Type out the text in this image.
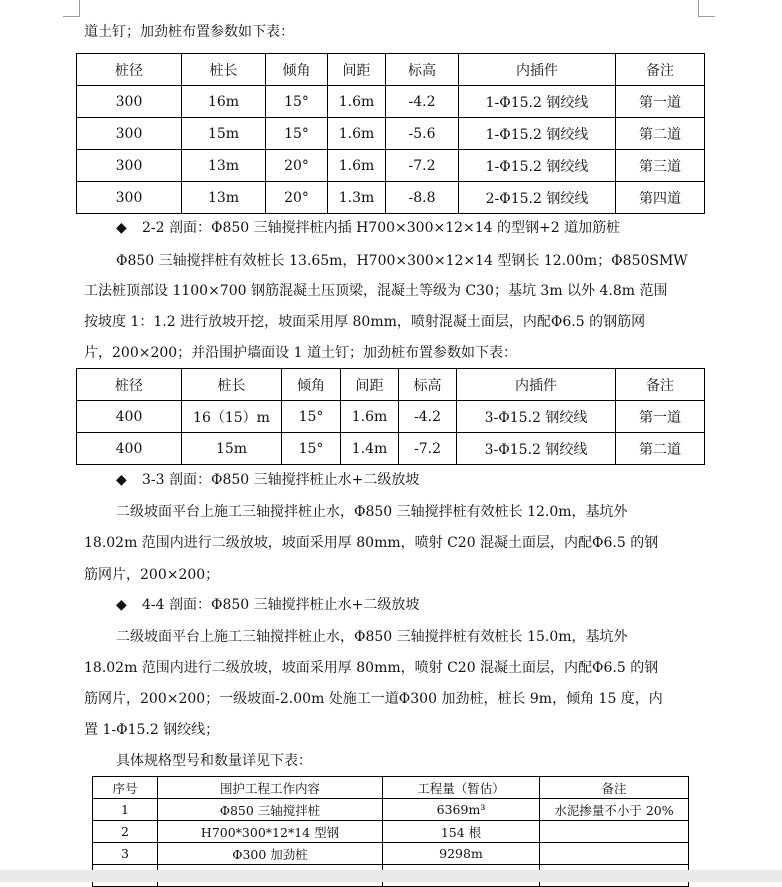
道土钉；加劲桩布置参数如下表：
桩径	桩长	倾角	间距	标高	内插件	备注
300	16m	15°	1.6m	-4.2	1-Φ15.2 钢绞线	第一道
300	15m	15°	1.6m	-5.6	1-Φ15.2 钢绞线	第二道
300	13m	20°	1.6m	-7.2	1-Φ15.2 钢绞线	第三道
300	13m	20°	1.3m	-8.8	2-Φ15.2 钢绞线	第四道
◆ 2-2 剖面：Φ850 三轴搅拌桩内插 H700×300×12×14 的型钢+2 道加筋桩
Φ850 三轴搅拌桩有效桩长 13.65m，H700×300×12×14 型钢长 12.00m；Φ850SMW
工法桩顶部设 1100×700 钢筋混凝土压顶梁，混凝土等级为 C30；基坑 3m 以外 4.8m 范围
按坡度 1：1.2 进行放坡开挖，坡面采用厚 80mm，喷射混凝土面层，内配Φ6.5 的钢筋网
片，200×200；并沿围护墙面设 1 道土钉；加劲桩布置参数如下表：
桩径	桩长	倾角	间距	标高	内插件	备注
400	16（15）m	15°	1.6m	-4.2	3-Φ15.2 钢绞线	第一道
400	15m	15°	1.4m	-7.2	3-Φ15.2 钢绞线	第二道
◆ 3-3 剖面：Φ850 三轴搅拌桩止水+二级放坡
二级坡面平台上施工三轴搅拌桩止水，Φ850 三轴搅拌桩有效桩长 12.0m，基坑外
18.02m 范围内进行二级放坡，坡面采用厚 80mm，喷射 C20 混凝土面层，内配Φ6.5 的钢
筋网片，200×200；
◆ 4-4 剖面：Φ850 三轴搅拌桩止水+二级放坡
二级坡面平台上施工三轴搅拌桩止水，Φ850 三轴搅拌桩有效桩长 15.0m，基坑外
18.02m 范围内进行二级放坡，坡面采用厚 80mm，喷射 C20 混凝土面层，内配Φ6.5 的钢
筋网片，200×200；一级坡面-2.00m 处施工一道Φ300 加劲桩，桩长 9m，倾角 15 度，内
置 1-Φ15.2 钢绞线；
具体规格型号和数量详见下表：
序号	围护工程工作内容	工程量（暂估）	备注
1	Φ850 三轴搅拌桩	6369m³	水泥掺量不小于 20%
2	H700*300*12*14 型钢	154 根	
3	Φ300 加劲桩	9298m	
